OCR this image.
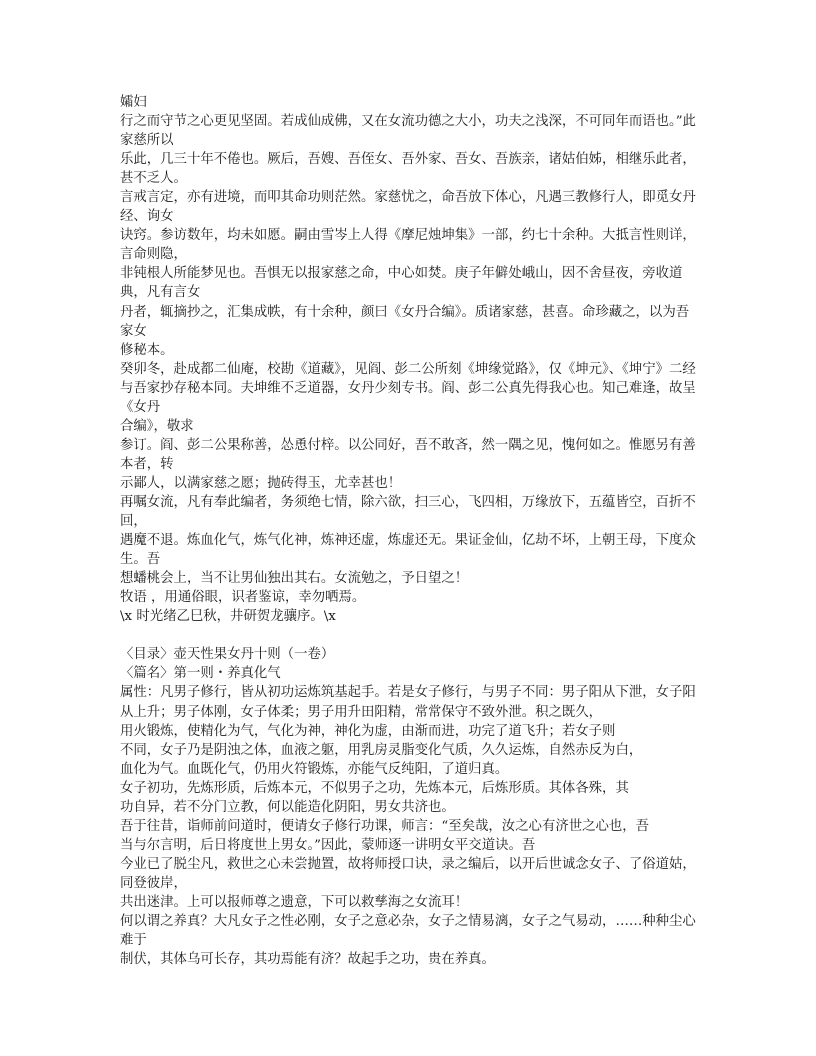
孀妇

行之而守节之心更见坚固。若成仙成佛，又在女流功德之大小，功夫之浅深，不可同年而语也。”此家慈所以

乐此，几三十年不倦也。厥后，吾嫂、吾侄女、吾外家、吾女、吾族亲，诸姑伯姊，相继乐此者，甚不乏人。

言戒言定，亦有进境，而叩其命功则茫然。家慈忧之，命吾放下体心，凡遇三教修行人，即觅女丹经、询女

诀窍。参访数年，均未如愿。嗣由雪岑上人得《摩尼烛坤集》一部，约七十余种。大抵言性则详，言命则隐，

非钝根人所能梦见也。吾惧无以报家慈之命，中心如焚。庚子年僻处峨山，因不舍昼夜，旁收道典，凡有言女

丹者，辄摘抄之，汇集成帙，有十余种，颜曰《女丹合编》。质诸家慈，甚喜。命珍藏之，以为吾家女

修秘本。

癸卯冬，赴成都二仙庵，校勘《道藏》，见阎、彭二公所刻《坤缘觉路》，仅《坤元》、《坤宁》二经

与吾家抄存秘本同。夫坤维不乏道器，女丹少刻专书。阎、彭二公真先得我心也。知己难逢，故呈《女丹

合编》，敬求

参订。阎、彭二公果称善，怂恿付梓。以公同好，吾不敢吝，然一隅之见，愧何如之。惟愿另有善本者，转

示鄙人，以满家慈之愿；抛砖得玉，尤幸甚也！

再嘱女流，凡有奉此编者，务须绝七情，除六欲，扫三心，飞四相，万缘放下，五蕴皆空，百折不回，

遇魔不退。炼血化气，炼气化神，炼神还虚，炼虚还无。果证金仙，亿劫不坏，上朝王母，下度众生。吾

想蟠桃会上，当不让男仙独出其右。女流勉之，予日望之！

牧语 ，用通俗眼，识者鉴谅，幸勿哂焉。

\x 时光绪乙巳秋，井研贺龙骧序。\x

〈目录〉壶天性果女丹十则（一卷）

〈篇名〉第一则・养真化气

属性：凡男子修行，皆从初功运炼筑基起手。若是女子修行，与男子不同：男子阳从下泄，女子阳从上升；男子体刚，女子体柔；男子用升田阳精，常常保守不致外泄。积之既久，

用火锻炼，使精化为气，气化为神，神化为虚，由渐而进，功完了道飞升；若女子则

不同，女子乃是阴浊之体，血液之躯，用乳房灵脂变化气质，久久运炼，自然赤反为白，

血化为气。血既化气，仍用火符锻炼，亦能气反纯阳，了道归真。

女子初功，先炼形质，后炼本元，不似男子之功，先炼本元，后炼形质。其体各殊，其

功自异，若不分门立教，何以能造化阴阳，男女共济也。

吾于往昔，诣师前问道时，便请女子修行功课，师言：“至矣哉，汝之心有济世之心也，吾

当与尔言明，后日将度世上男女。”因此，蒙师逐一讲明女平交道诀。吾

今业已了脱尘凡，救世之心未尝抛置，故将师授口诀，录之编后，以开后世诚念女子、了俗道姑，同登彼岸，

共出迷津。上可以报师尊之遗意，下可以救孳海之女流耳！

何以谓之养真？大凡女子之性必刚，女子之意必杂，女子之情易漓，女子之气易动，……种种尘心难于

制伏，其体乌可长存，其功焉能有济？故起手之功，贵在养真。
